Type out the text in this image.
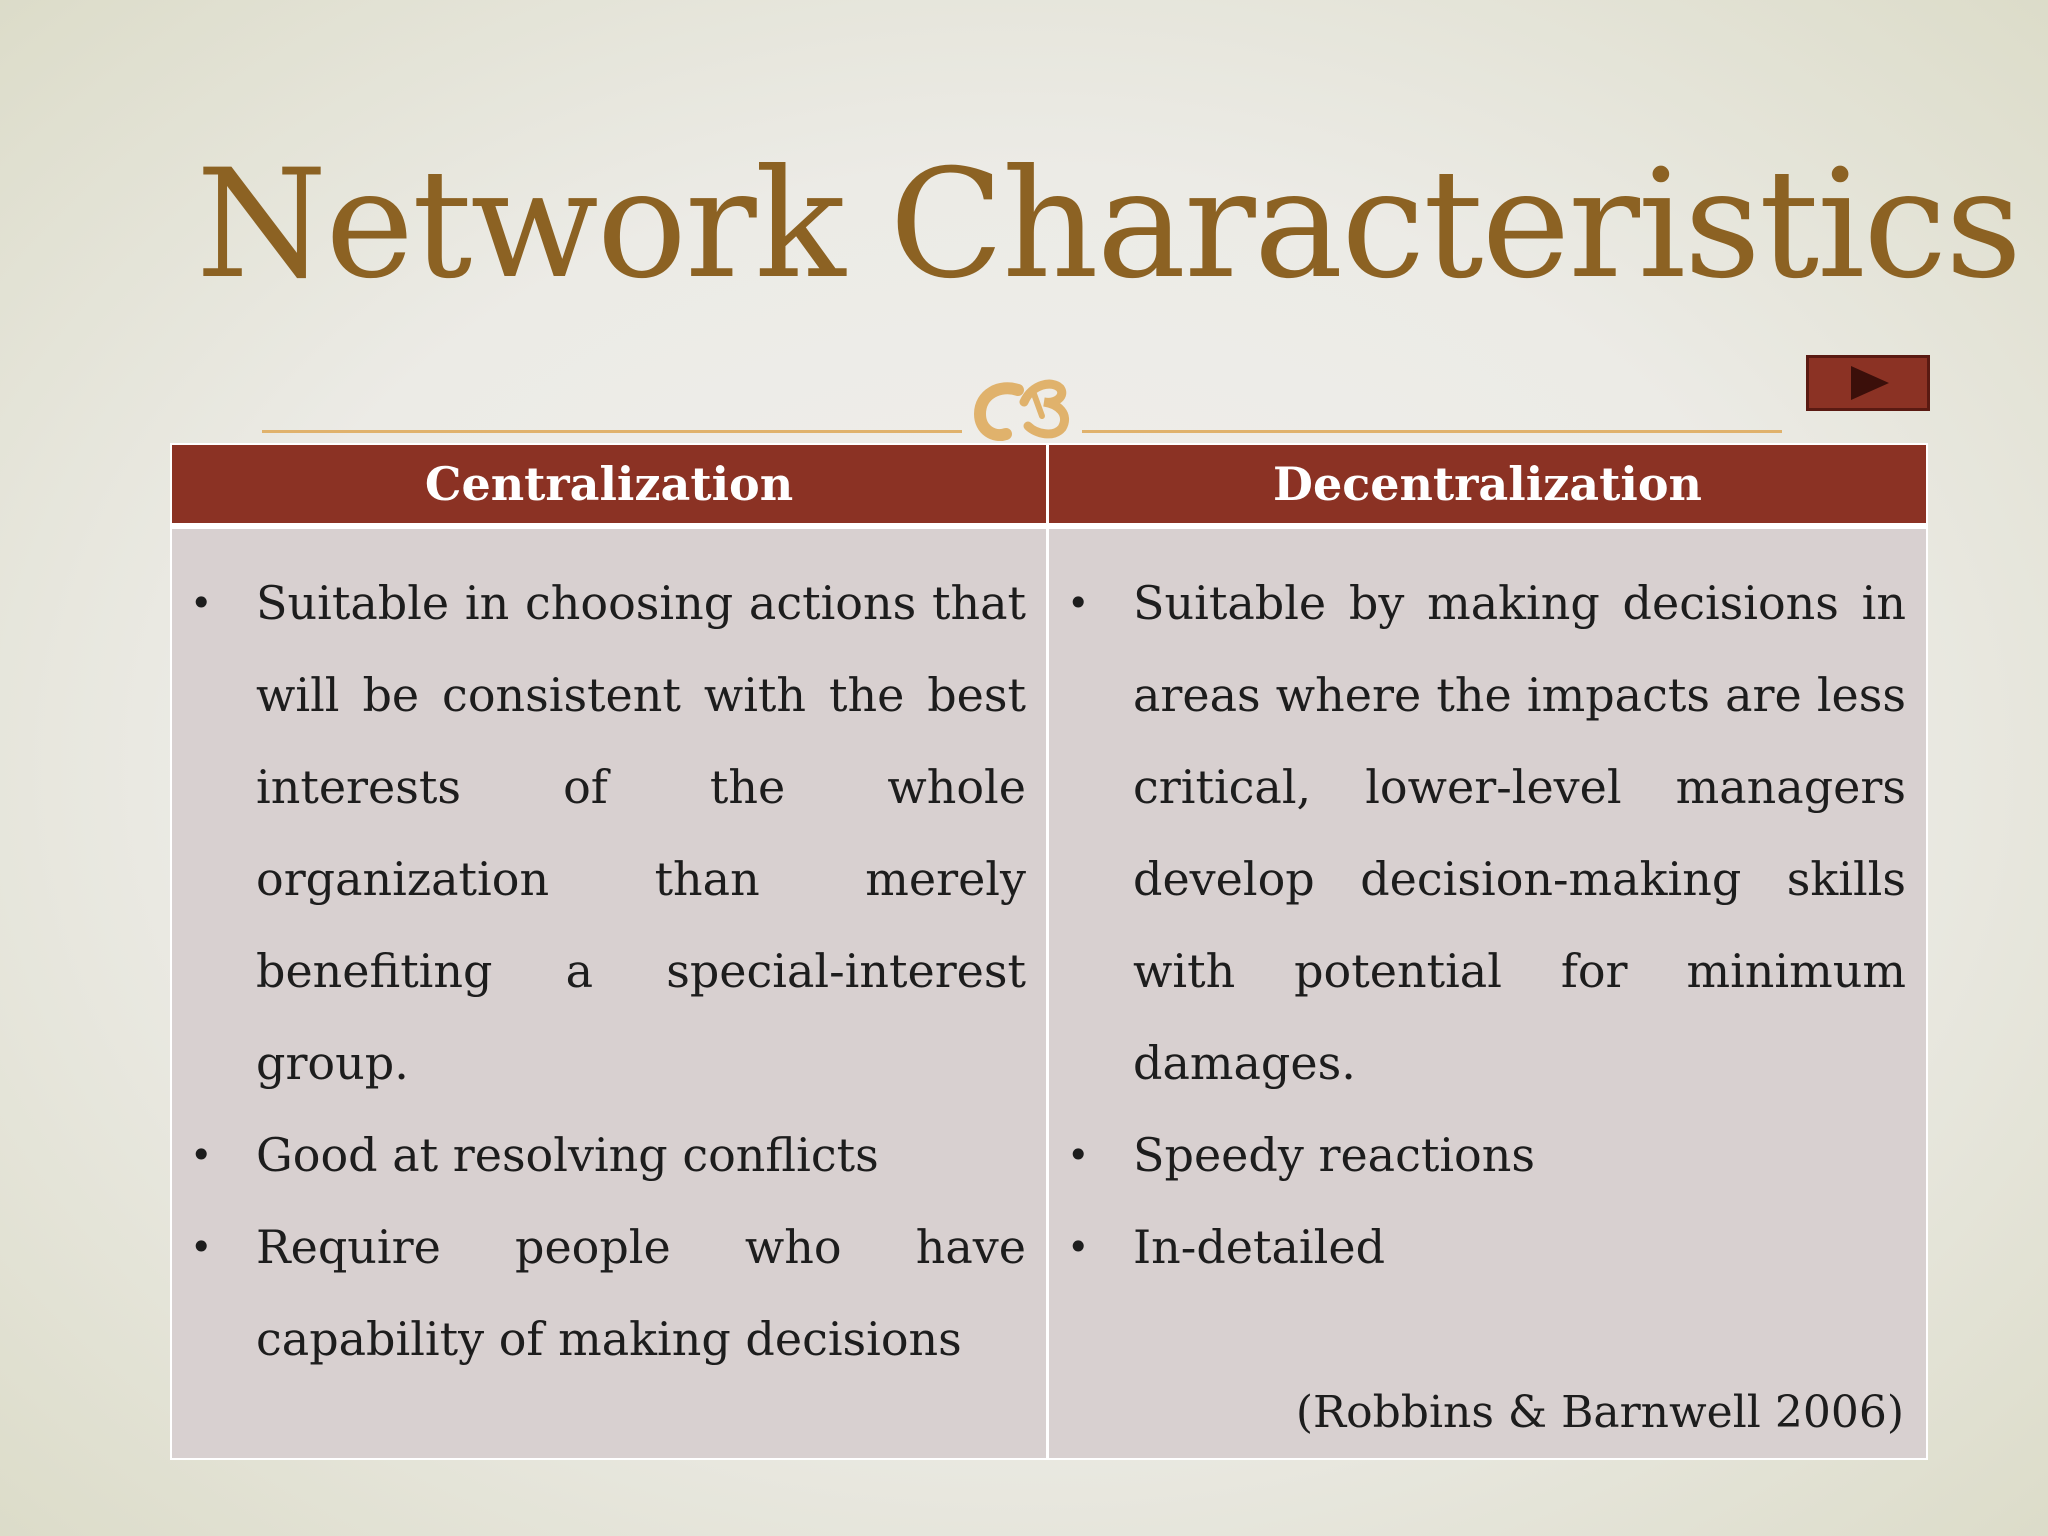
Network Characteristics
Centralization	Decentralization
• Suitable in choosing actions that will be consistent with the best interests of the whole organization than merely benefiting a special-interest group.
• Good at resolving conflicts
• Require people who have capability of making decisions
• Suitable by making decisions in areas where the impacts are less critical, lower-level managers develop decision-making skills with potential for minimum damages.
• Speedy reactions
• In-detailed
(Robbins & Barnwell 2006)
